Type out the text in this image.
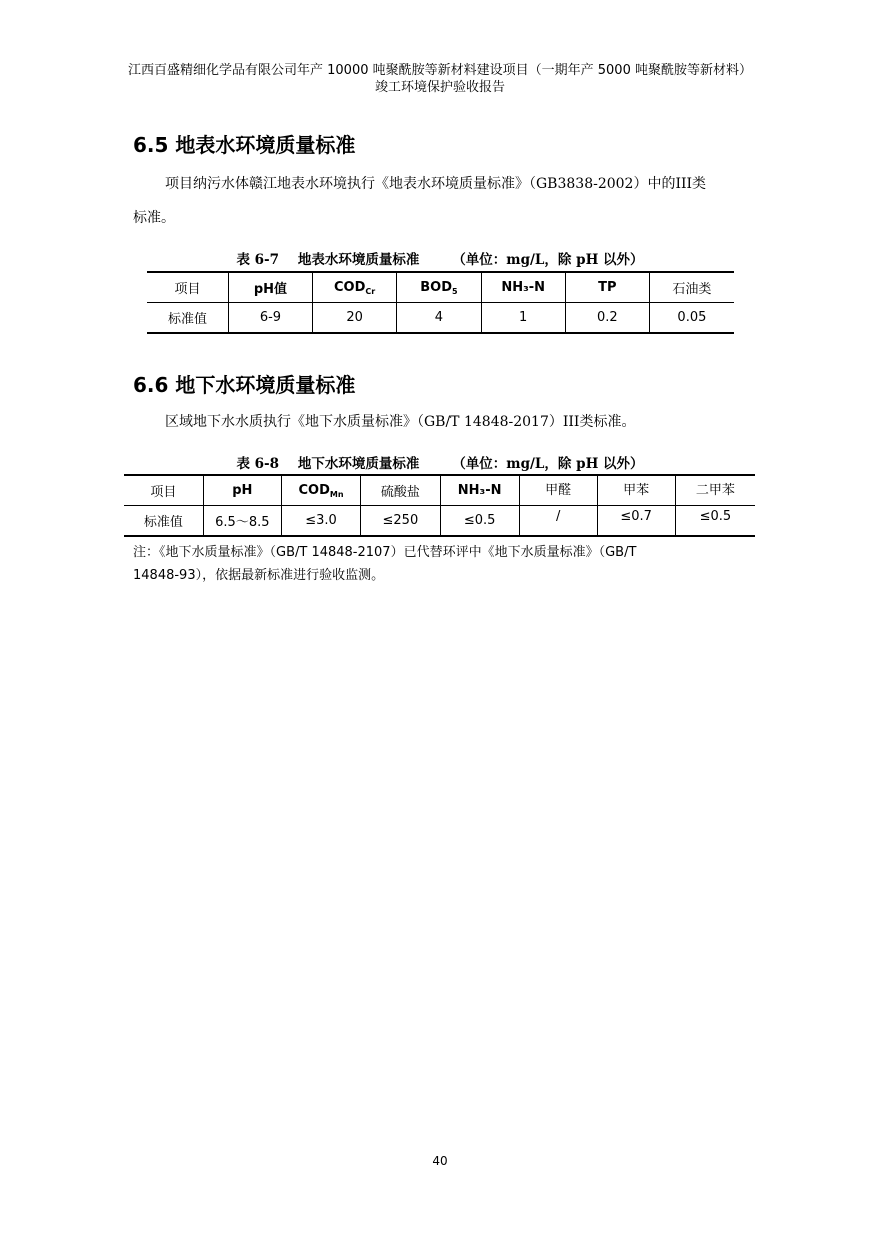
江西百盛精细化学品有限公司年产 10000 吨聚酰胺等新材料建设项目（一期年产 5000 吨聚酰胺等新材料）
竣工环境保护验收报告
6.5 地表水环境质量标准
项目纳污水体赣江地表水环境执行《地表水环境质量标准》（GB3838-2002）中的III类
标准。
表 6-7 地表水环境质量标准 （单位：mg/L，除 pH 以外）
项目	pH值	$COD_{Cr}$	$BOD_5$	NH₃-N	TP	石油类
标准值	6-9	20	4	1	0.2	0.05
6.6 地下水环境质量标准
区域地下水水质执行《地下水质量标准》（GB/T 14848-2017）III类标准。
表 6-8 地下水环境质量标准 （单位：mg/L，除 pH 以外）
项目	pH	$COD_{Mn}$	硫酸盐	NH₃-N	甲醛	甲苯	二甲苯
标准值	6.5～8.5	≤3.0	≤250	≤0.5	/	≤0.7	≤0.5
注：《地下水质量标准》（GB/T 14848-2107）已代替环评中《地下水质量标准》（GB/T
14848-93），依据最新标准进行验收监测。
40
